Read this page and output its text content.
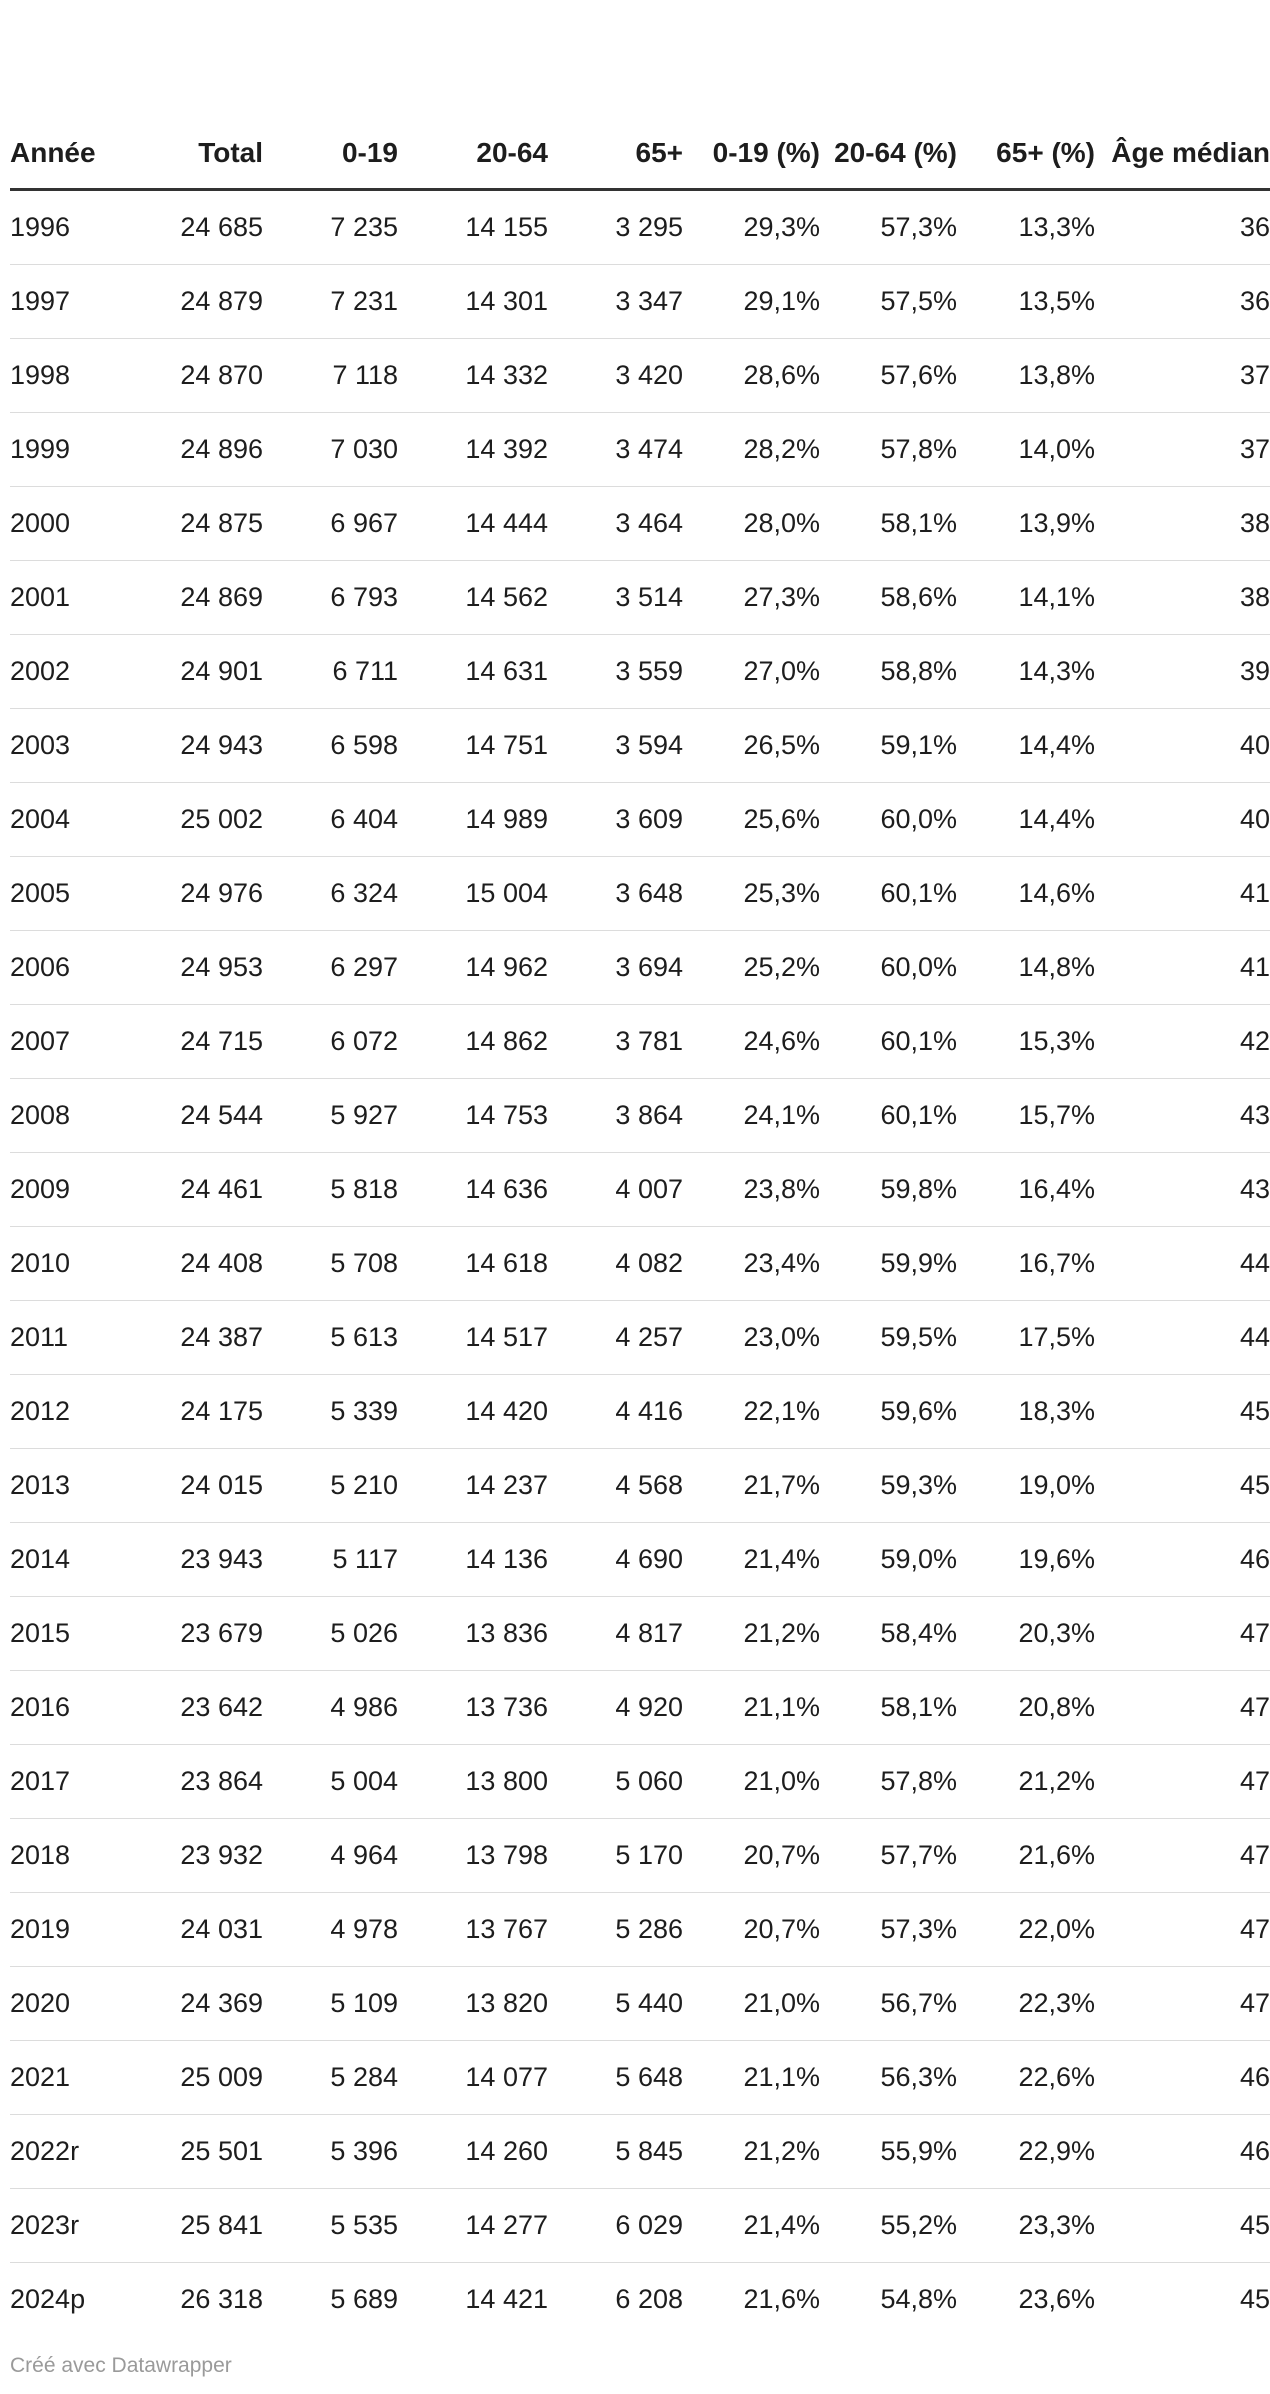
Année	Total	0-19	20-64	65+	0-19 (%)	20-64 (%)	65+ (%)	Âge médian
1996	24 685	7 235	14 155	3 295	29,3%	57,3%	13,3%	36
1997	24 879	7 231	14 301	3 347	29,1%	57,5%	13,5%	36
1998	24 870	7 118	14 332	3 420	28,6%	57,6%	13,8%	37
1999	24 896	7 030	14 392	3 474	28,2%	57,8%	14,0%	37
2000	24 875	6 967	14 444	3 464	28,0%	58,1%	13,9%	38
2001	24 869	6 793	14 562	3 514	27,3%	58,6%	14,1%	38
2002	24 901	6 711	14 631	3 559	27,0%	58,8%	14,3%	39
2003	24 943	6 598	14 751	3 594	26,5%	59,1%	14,4%	40
2004	25 002	6 404	14 989	3 609	25,6%	60,0%	14,4%	40
2005	24 976	6 324	15 004	3 648	25,3%	60,1%	14,6%	41
2006	24 953	6 297	14 962	3 694	25,2%	60,0%	14,8%	41
2007	24 715	6 072	14 862	3 781	24,6%	60,1%	15,3%	42
2008	24 544	5 927	14 753	3 864	24,1%	60,1%	15,7%	43
2009	24 461	5 818	14 636	4 007	23,8%	59,8%	16,4%	43
2010	24 408	5 708	14 618	4 082	23,4%	59,9%	16,7%	44
2011	24 387	5 613	14 517	4 257	23,0%	59,5%	17,5%	44
2012	24 175	5 339	14 420	4 416	22,1%	59,6%	18,3%	45
2013	24 015	5 210	14 237	4 568	21,7%	59,3%	19,0%	45
2014	23 943	5 117	14 136	4 690	21,4%	59,0%	19,6%	46
2015	23 679	5 026	13 836	4 817	21,2%	58,4%	20,3%	47
2016	23 642	4 986	13 736	4 920	21,1%	58,1%	20,8%	47
2017	23 864	5 004	13 800	5 060	21,0%	57,8%	21,2%	47
2018	23 932	4 964	13 798	5 170	20,7%	57,7%	21,6%	47
2019	24 031	4 978	13 767	5 286	20,7%	57,3%	22,0%	47
2020	24 369	5 109	13 820	5 440	21,0%	56,7%	22,3%	47
2021	25 009	5 284	14 077	5 648	21,1%	56,3%	22,6%	46
2022r	25 501	5 396	14 260	5 845	21,2%	55,9%	22,9%	46
2023r	25 841	5 535	14 277	6 029	21,4%	55,2%	23,3%	45
2024p	26 318	5 689	14 421	6 208	21,6%	54,8%	23,6%	45
Créé avec Datawrapper
